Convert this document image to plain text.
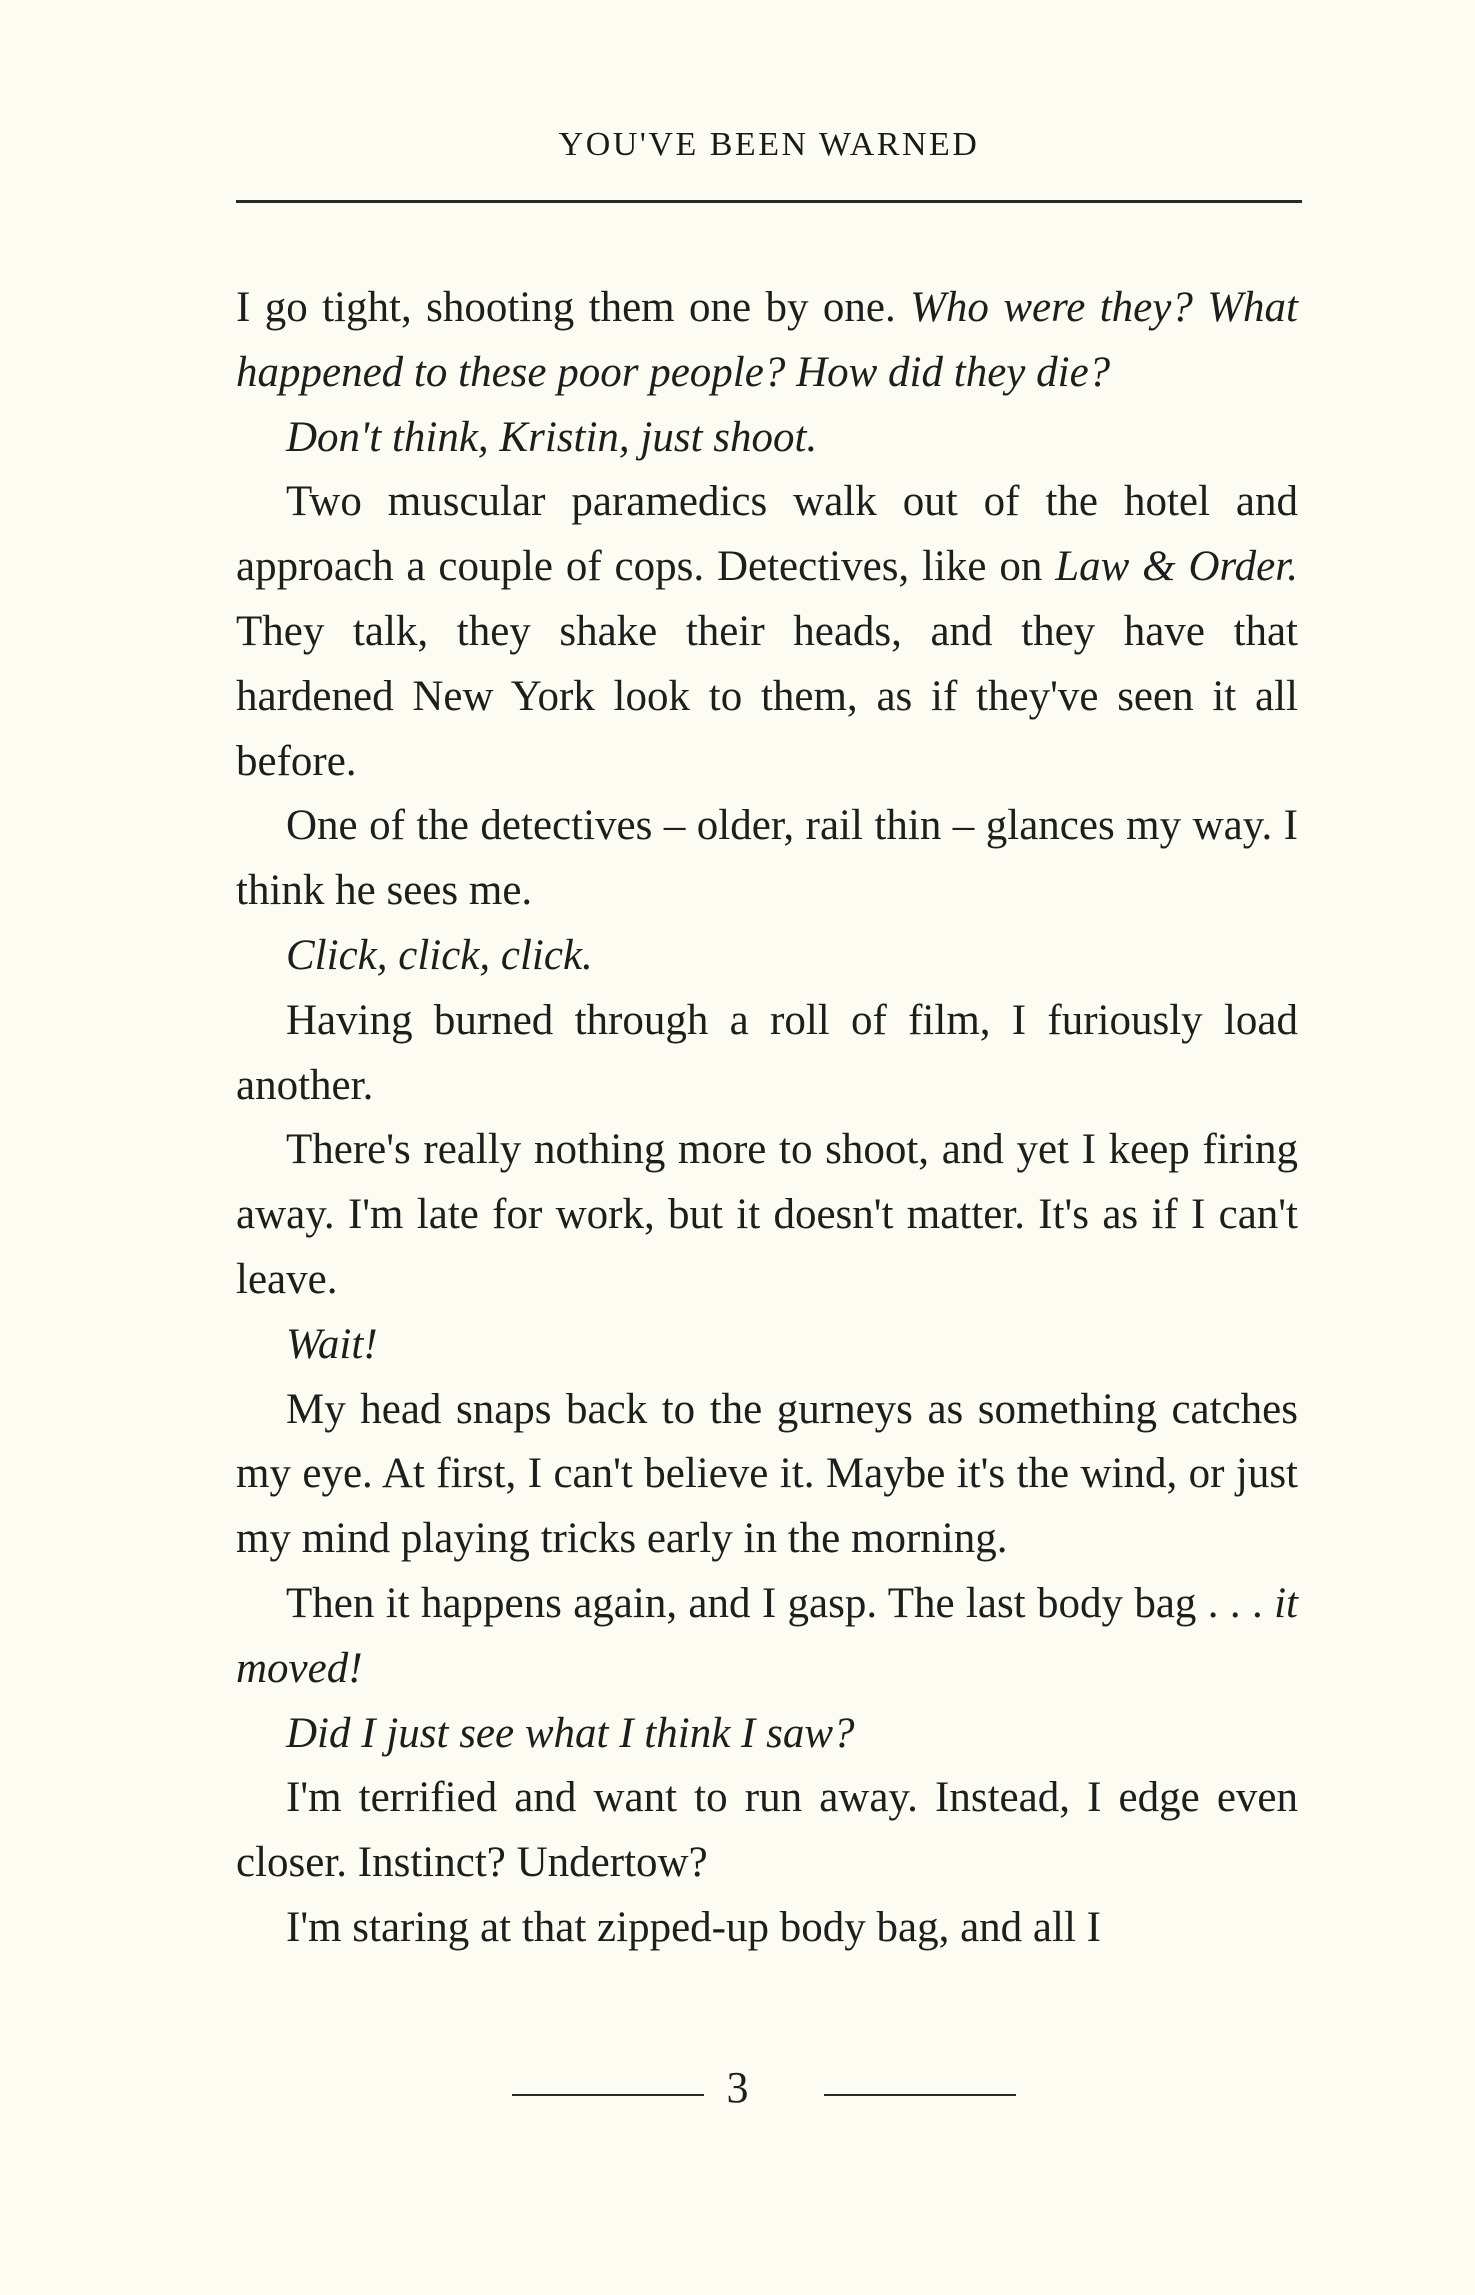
YOU'VE BEEN WARNED

I go tight, shooting them one by one. Who were they? What happened to these poor people? How did they die?

Don't think, Kristin, just shoot.

Two muscular paramedics walk out of the hotel and approach a couple of cops. Detectives, like on Law & Order. They talk, they shake their heads, and they have that hardened New York look to them, as if they've seen it all before.

One of the detectives – older, rail thin – glances my way. I think he sees me.

Click, click, click.

Having burned through a roll of film, I furiously load another.

There's really nothing more to shoot, and yet I keep firing away. I'm late for work, but it doesn't matter. It's as if I can't leave.

Wait!

My head snaps back to the gurneys as something catches my eye. At first, I can't believe it. Maybe it's the wind, or just my mind playing tricks early in the morning.

Then it happens again, and I gasp. The last body bag . . . it moved!

Did I just see what I think I saw?

I'm terrified and want to run away. Instead, I edge even closer. Instinct? Undertow?

I'm staring at that zipped-up body bag, and all I

3
